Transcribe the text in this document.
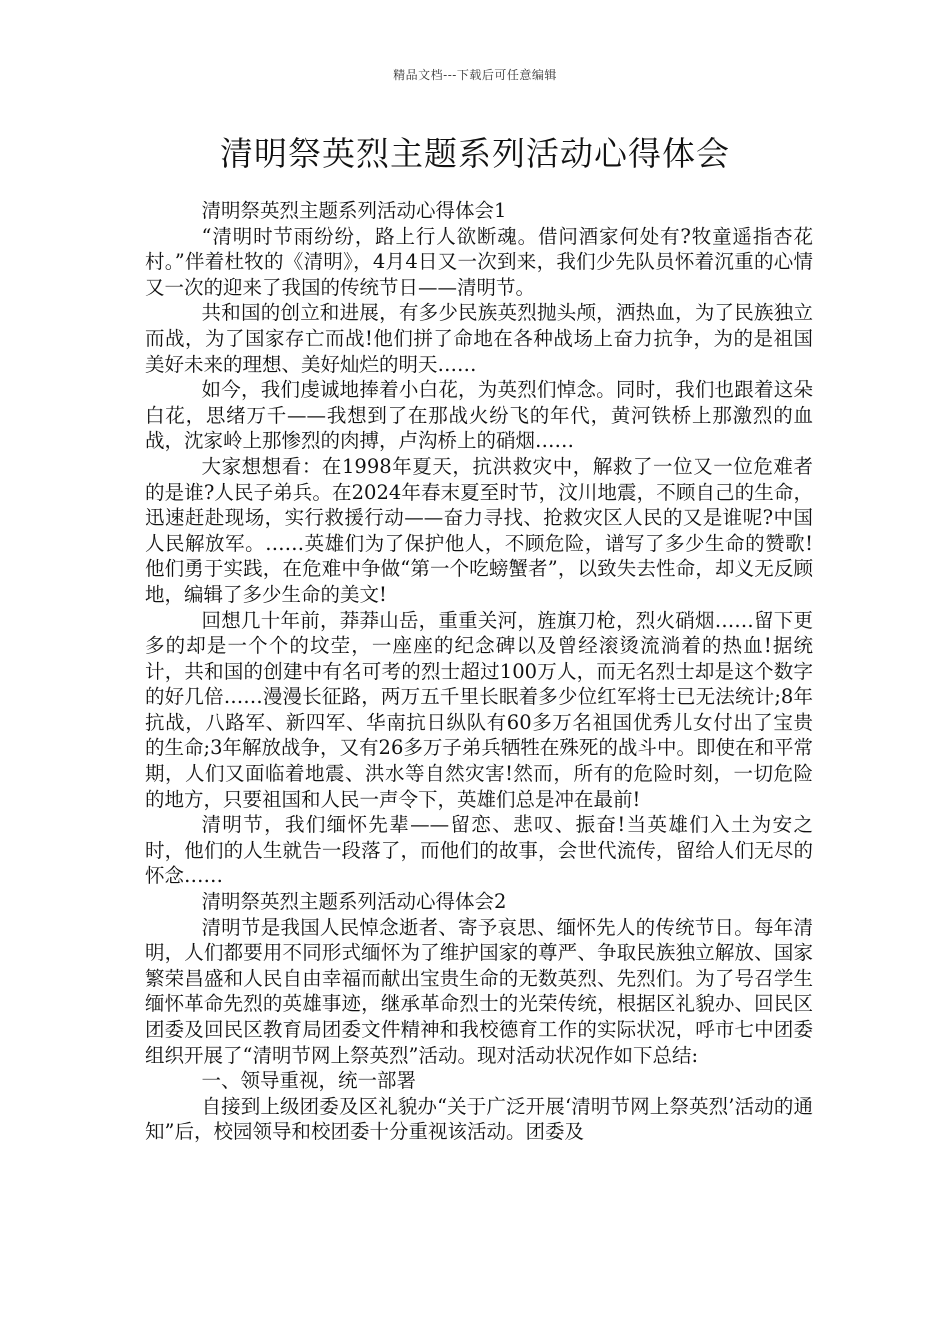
精品文档---下载后可任意编辑
清明祭英烈主题系列活动心得体会

清明祭英烈主题系列活动心得体会1

“清明时节雨纷纷，路上行人欲断魂。借问酒家何处有?牧童遥指杏花村。”伴着杜牧的《清明》，4月4日又一次到来，我们少先队员怀着沉重的心情又一次的迎来了我国的传统节日——清明节。

共和国的创立和进展，有多少民族英烈抛头颅，洒热血，为了民族独立而战，为了国家存亡而战!他们拼了命地在各种战场上奋力抗争，为的是祖国美好未来的理想、美好灿烂的明天……

如今，我们虔诚地捧着小白花，为英烈们悼念。同时，我们也跟着这朵白花，思绪万千——我想到了在那战火纷飞的年代，黄河铁桥上那激烈的血战，沈家岭上那惨烈的肉搏，卢沟桥上的硝烟……

大家想想看：在1998年夏天，抗洪救灾中，解救了一位又一位危难者的是谁?人民子弟兵。在2024年春末夏至时节，汶川地震，不顾自己的生命，迅速赶赴现场，实行救援行动——奋力寻找、抢救灾区人民的又是谁呢?中国人民解放军。……英雄们为了保护他人，不顾危险，谱写了多少生命的赞歌!他们勇于实践，在危难中争做“第一个吃螃蟹者”，以致失去性命，却义无反顾地，编辑了多少生命的美文!

回想几十年前，莽莽山岳，重重关河，旌旗刀枪，烈火硝烟……留下更多的却是一个个的坟茔，一座座的纪念碑以及曾经滚烫流淌着的热血!据统计，共和国的创建中有名可考的烈士超过100万人，而无名烈士却是这个数字的好几倍……漫漫长征路，两万五千里长眠着多少位红军将士已无法统计;8年抗战，八路军、新四军、华南抗日纵队有60多万名祖国优秀儿女付出了宝贵的生命;3年解放战争，又有26多万子弟兵牺牲在殊死的战斗中。即使在和平常期，人们又面临着地震、洪水等自然灾害!然而，所有的危险时刻，一切危险的地方，只要祖国和人民一声令下，英雄们总是冲在最前!

清明节，我们缅怀先辈——留恋、悲叹、振奋!当英雄们入土为安之时，他们的人生就告一段落了，而他们的故事，会世代流传，留给人们无尽的怀念……

清明祭英烈主题系列活动心得体会2

清明节是我国人民悼念逝者、寄予哀思、缅怀先人的传统节日。每年清明，人们都要用不同形式缅怀为了维护国家的尊严、争取民族独立解放、国家繁荣昌盛和人民自由幸福而献出宝贵生命的无数英烈、先烈们。为了号召学生缅怀革命先烈的英雄事迹，继承革命烈士的光荣传统，根据区礼貌办、回民区团委及回民区教育局团委文件精神和我校德育工作的实际状况，呼市七中团委组织开展了“清明节网上祭英烈”活动。现对活动状况作如下总结:

一、领导重视，统一部署

自接到上级团委及区礼貌办“关于广泛开展‘清明节网上祭英烈’活动的通知”后，校园领导和校团委十分重视该活动。团委及
